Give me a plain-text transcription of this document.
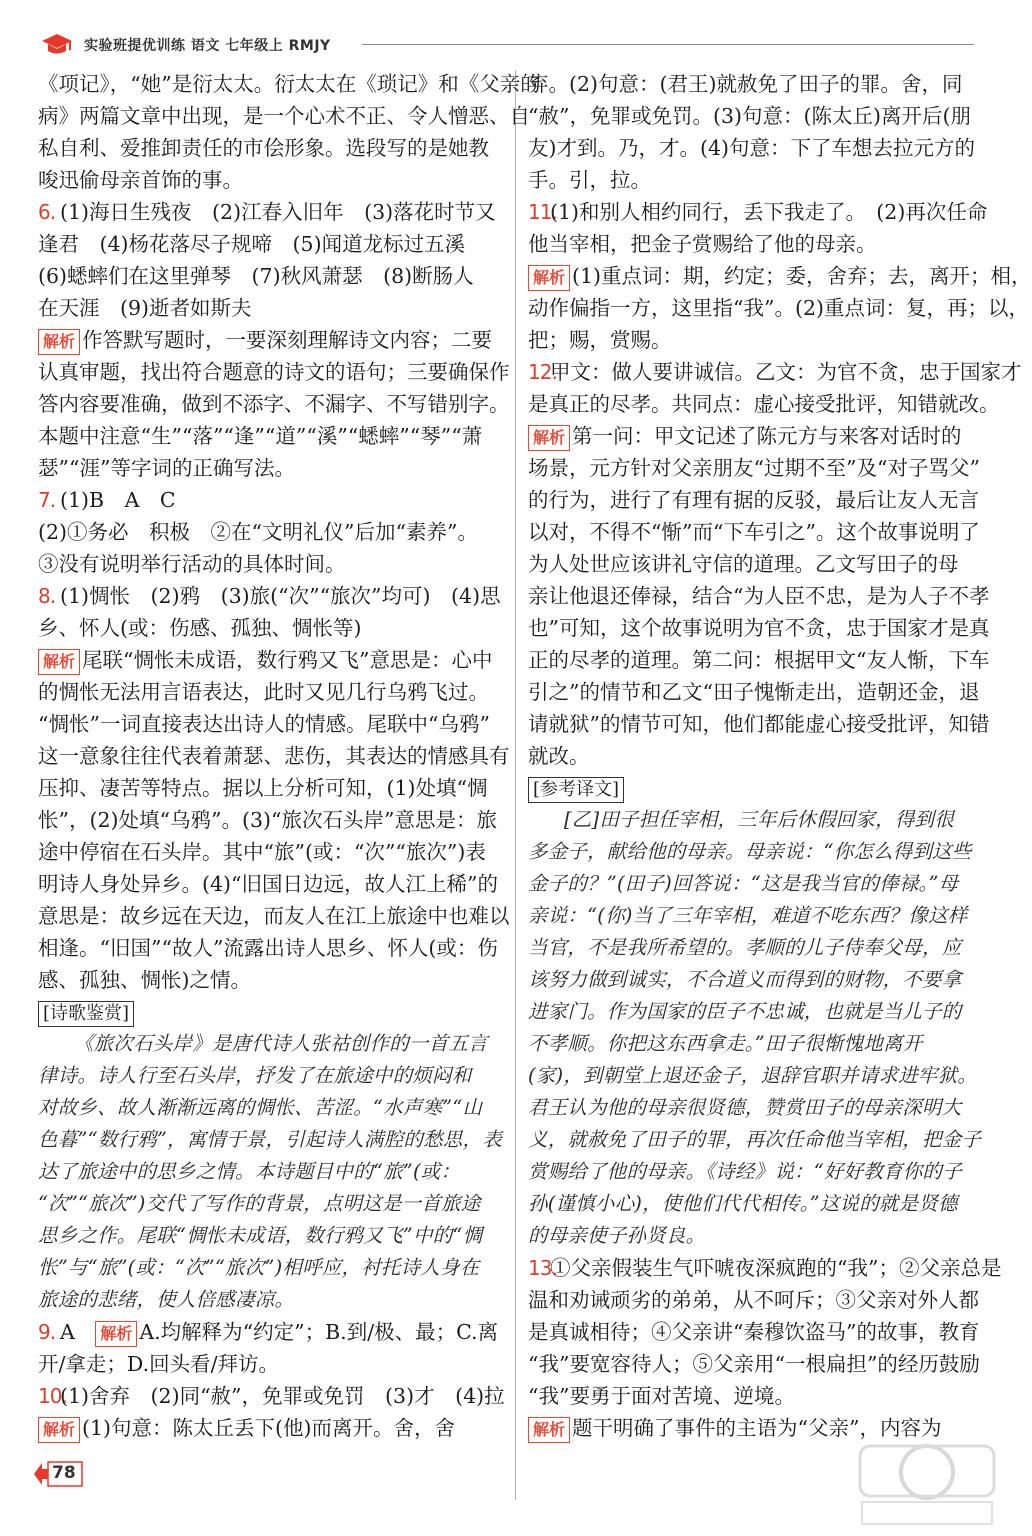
实验班提优训练 语文 七年级上 RMJY
《项记》，“她”是衍太太。衍太太在《琐记》和《父亲的
病》两篇文章中出现，是一个心术不正、令人憎恶、自
私自利、爱推卸责任的市侩形象。选段写的是她教
唆迅偷母亲首饰的事。
6. (1)海日生残夜　(2)江春入旧年　(3)落花时节又
逢君　(4)杨花落尽子规啼　(5)闻道龙标过五溪
(6)蟋蟀们在这里弹琴　(7)秋风萧瑟　(8)断肠人
在天涯　(9)逝者如斯夫
解析 作答默写题时，一要深刻理解诗文内容；二要
认真审题，找出符合题意的诗文的语句；三要确保作
答内容要准确，做到不添字、不漏字、不写错别字。
本题中注意“生”“落”“逢”“道”“溪”“蟋蟀”“琴”“萧
瑟”“涯”等字词的正确写法。
7. (1)B　A　C
(2)①务必　积极　②在“文明礼仪”后加“素养”。
③没有说明举行活动的具体时间。
8. (1)惆怅　(2)鸦　(3)旅(“次”“旅次”均可)　(4)思
乡、怀人(或：伤感、孤独、惆怅等)
解析 尾联“惆怅未成语，数行鸦又飞”意思是：心中
的惆怅无法用言语表达，此时又见几行乌鸦飞过。
“惆怅”一词直接表达出诗人的情感。尾联中“乌鸦”
这一意象往往代表着萧瑟、悲伤，其表达的情感具有
压抑、凄苦等特点。据以上分析可知，(1)处填“惆
怅”，(2)处填“乌鸦”。(3)“旅次石头岸”意思是：旅
途中停宿在石头岸。其中“旅”(或：“次”“旅次”)表
明诗人身处异乡。(4)“旧国日边远，故人江上稀”的
意思是：故乡远在天边，而友人在江上旅途中也难以
相逢。“旧国”“故人”流露出诗人思乡、怀人(或：伤
感、孤独、惆怅)之情。
[诗歌鉴赏]
《旅次石头岸》是唐代诗人张祜创作的一首五言
律诗。诗人行至石头岸，抒发了在旅途中的烦闷和
对故乡、故人渐渐远离的惆怅、苦涩。“水声寒”“山
色暮”“数行鸦”，寓情于景，引起诗人满腔的愁思，表
达了旅途中的思乡之情。本诗题目中的“旅”(或：
“次”“旅次”)交代了写作的背景，点明这是一首旅途
思乡之作。尾联“惆怅未成语，数行鸦又飞”中的“惆
怅”与“旅”(或：“次”“旅次”)相呼应，衬托诗人身在
旅途的悲绪，使人倍感凄凉。
9. A　解析 A.均解释为“约定”；B.到/极、最；C.离
开/拿走；D.回头看/拜访。
10.(1)舍弃　(2)同“赦”，免罪或免罚　(3)才　(4)拉
解析 (1)句意：陈太丘丢下(他)而离开。舍，舍
弃。(2)句意：(君王)就赦免了田子的罪。舍，同
“赦”，免罪或免罚。(3)句意：(陈太丘)离开后(朋
友)才到。乃，才。(4)句意：下了车想去拉元方的
手。引，拉。
11.(1)和别人相约同行，丢下我走了。　(2)再次任命
他当宰相，把金子赏赐给了他的母亲。
解析 (1)重点词：期，约定；委，舍弃；去，离开；相，
动作偏指一方，这里指“我”。(2)重点词：复，再；以，
把；赐，赏赐。
12.甲文：做人要讲诚信。乙文：为官不贪，忠于国家才
是真正的尽孝。共同点：虚心接受批评，知错就改。
解析 第一问：甲文记述了陈元方与来客对话时的
场景，元方针对父亲朋友“过期不至”及“对子骂父”
的行为，进行了有理有据的反驳，最后让友人无言
以对，不得不“惭”而“下车引之”。这个故事说明了
为人处世应该讲礼守信的道理。乙文写田子的母
亲让他退还俸禄，结合“为人臣不忠，是为人子不孝
也”可知，这个故事说明为官不贪，忠于国家才是真
正的尽孝的道理。第二问：根据甲文“友人惭，下车
引之”的情节和乙文“田子愧惭走出，造朝还金，退
请就狱”的情节可知，他们都能虚心接受批评，知错
就改。
[参考译文]
[乙]田子担任宰相，三年后休假回家，得到很
多金子，献给他的母亲。母亲说：“你怎么得到这些
金子的？”(田子)回答说：“这是我当官的俸禄。”母
亲说：“(你)当了三年宰相，难道不吃东西？像这样
当官，不是我所希望的。孝顺的儿子侍奉父母，应
该努力做到诚实，不合道义而得到的财物，不要拿
进家门。作为国家的臣子不忠诚，也就是当儿子的
不孝顺。你把这东西拿走。”田子很惭愧地离开
(家)，到朝堂上退还金子，退辞官职并请求进牢狱。
君王认为他的母亲很贤德，赞赏田子的母亲深明大
义，就赦免了田子的罪，再次任命他当宰相，把金子
赏赐给了他的母亲。《诗经》说：“好好教育你的子
孙(谨慎小心)，使他们代代相传。”这说的就是贤德
的母亲使子孙贤良。
13.①父亲假装生气吓唬夜深疯跑的“我”；②父亲总是
温和劝诫顽劣的弟弟，从不呵斥；③父亲对外人都
是真诚相待；④父亲讲“秦穆饮盗马”的故事，教育
“我”要宽容待人；⑤父亲用“一根扁担”的经历鼓励
“我”要勇于面对苦境、逆境。
解析 题干明确了事件的主语为“父亲”，内容为
78
